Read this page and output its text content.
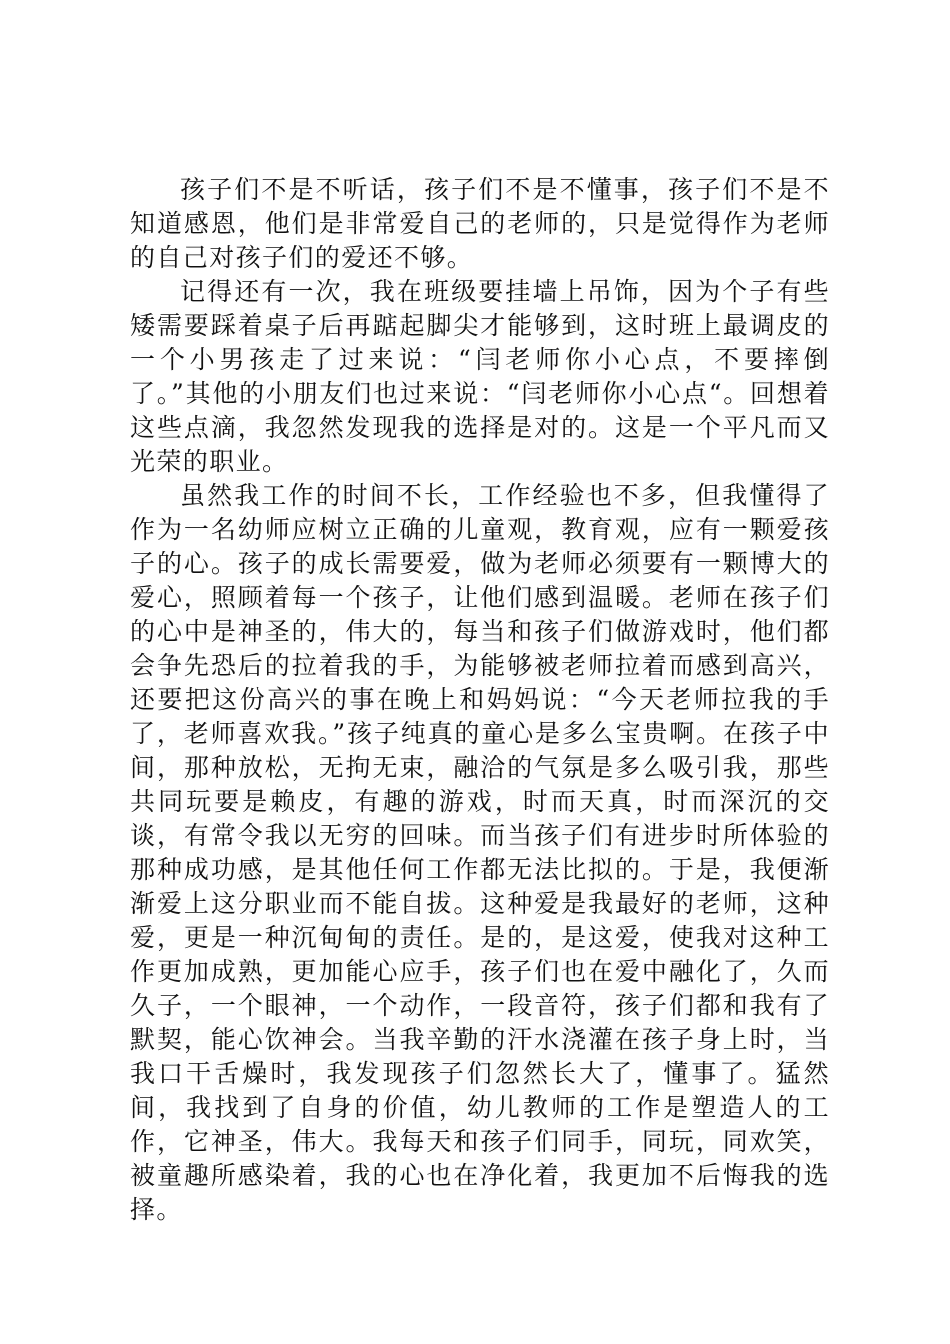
孩子们不是不听话，孩子们不是不懂事，孩子们不是不知道感恩，他们是非常爱自己的老师的，只是觉得作为老师的自己对孩子们的爱还不够。

记得还有一次，我在班级要挂墙上吊饰，因为个子有些矮需要踩着桌子后再踮起脚尖才能够到，这时班上最调皮的一个小男孩走了过来说：“闫老师你小心点，不要摔倒了。”其他的小朋友们也过来说：“闫老师你小心点“。回想着这些点滴，我忽然发现我的选择是对的。这是一个平凡而又光荣的职业。

虽然我工作的时间不长，工作经验也不多，但我懂得了作为一名幼师应树立正确的儿童观，教育观，应有一颗爱孩子的心。孩子的成长需要爱，做为老师必须要有一颗博大的爱心，照顾着每一个孩子，让他们感到温暖。老师在孩子们的心中是神圣的，伟大的，每当和孩子们做游戏时，他们都会争先恐后的拉着我的手，为能够被老师拉着而感到高兴，还要把这份高兴的事在晚上和妈妈说：“今天老师拉我的手了，老师喜欢我。”孩子纯真的童心是多么宝贵啊。在孩子中间，那种放松，无拘无束，融洽的气氛是多么吸引我，那些共同玩要是赖皮，有趣的游戏，时而天真，时而深沉的交谈，有常令我以无穷的回味。而当孩子们有进步时所体验的那种成功感，是其他任何工作都无法比拟的。于是，我便渐渐爱上这分职业而不能自拔。这种爱是我最好的老师，这种爱，更是一种沉甸甸的责任。是的，是这爱，使我对这种工作更加成熟，更加能心应手，孩子们也在爱中融化了，久而久子，一个眼神，一个动作，一段音符，孩子们都和我有了默契，能心饮神会。当我辛勤的汗水浇灌在孩子身上时，当我口干舌燥时，我发现孩子们忽然长大了，懂事了。猛然间，我找到了自身的价值，幼儿教师的工作是塑造人的工作，它神圣，伟大。我每天和孩子们同手，同玩，同欢笑，被童趣所感染着，我的心也在净化着，我更加不后悔我的选择。
